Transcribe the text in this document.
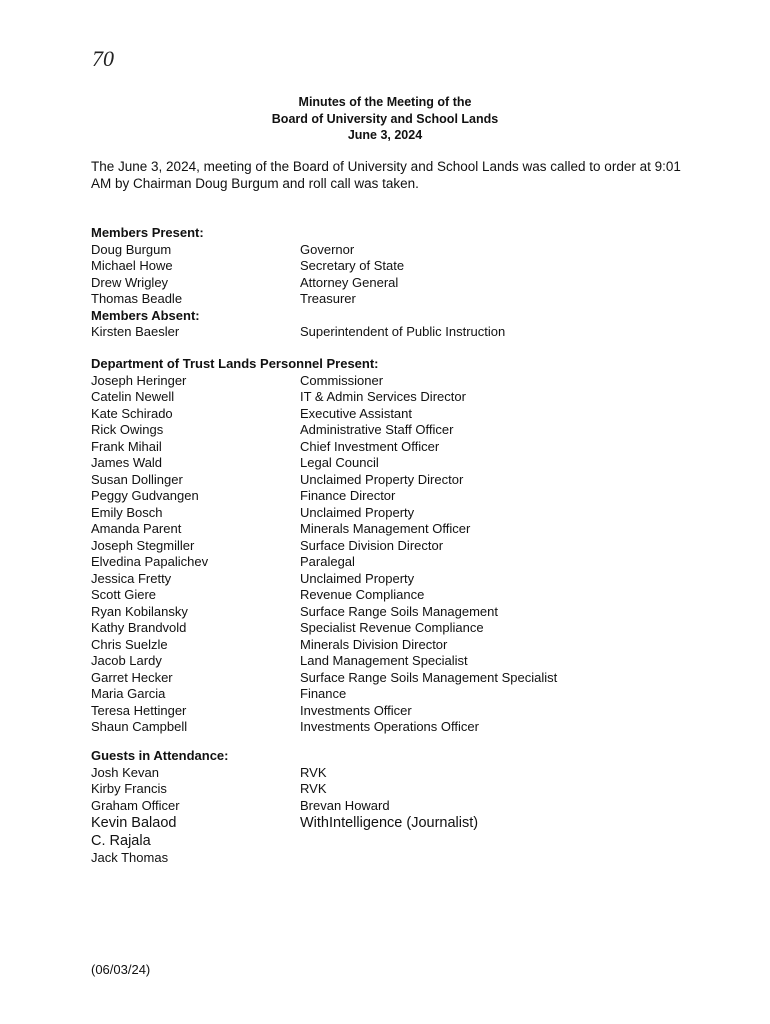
70
Minutes of the Meeting of the
Board of University and School Lands
June 3, 2024
The June 3, 2024, meeting of the Board of University and School Lands was called to order at 9:01 AM by Chairman Doug Burgum and roll call was taken.
Members Present:
Doug Burgum	Governor
Michael Howe	Secretary of State
Drew Wrigley	Attorney General
Thomas Beadle	Treasurer
Members Absent:
Kirsten Baesler	Superintendent of Public Instruction
Department of Trust Lands Personnel Present:
Joseph Heringer	Commissioner
Catelin Newell	IT & Admin Services Director
Kate Schirado	Executive Assistant
Rick Owings	Administrative Staff Officer
Frank Mihail	Chief Investment Officer
James Wald	Legal Council
Susan Dollinger	Unclaimed Property Director
Peggy Gudvangen	Finance Director
Emily Bosch	Unclaimed Property
Amanda Parent	Minerals Management Officer
Joseph Stegmiller	Surface Division Director
Elvedina Papalichev	Paralegal
Jessica Fretty	Unclaimed Property
Scott Giere	Revenue Compliance
Ryan Kobilansky	Surface Range Soils Management
Kathy Brandvold	Specialist Revenue Compliance
Chris Suelzle	Minerals Division Director
Jacob Lardy	Land Management Specialist
Garret Hecker	Surface Range Soils Management Specialist
Maria Garcia	Finance
Teresa Hettinger	Investments Officer
Shaun Campbell	Investments Operations Officer
Guests in Attendance:
Josh Kevan	RVK
Kirby Francis	RVK
Graham Officer	Brevan Howard
Kevin Balaod	WithIntelligence (Journalist)
C. Rajala
Jack Thomas
(06/03/24)
